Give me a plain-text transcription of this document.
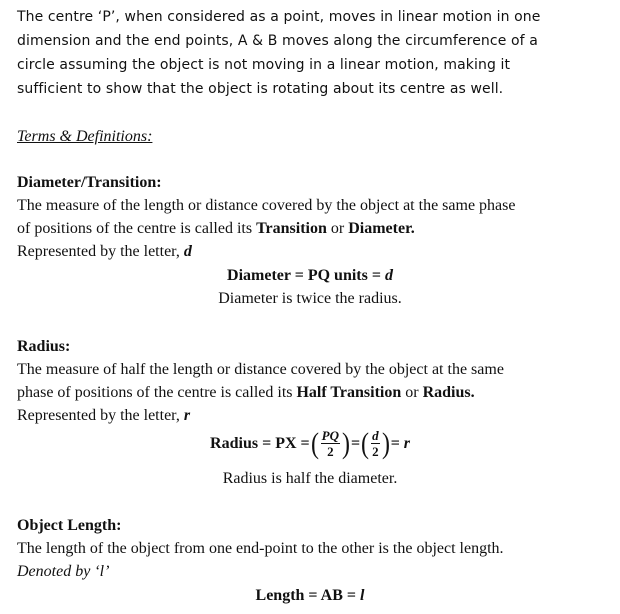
The centre ‘P’, when considered as a point, moves in linear motion in one
dimension and the end points, A & B moves along the circumference of a
circle assuming the object is not moving in a linear motion, making it
sufficient to show that the object is rotating about its centre as well.
Terms & Definitions:
Diameter/Transition:
The measure of the length or distance covered by the object at the same phase
of positions of the centre is called its Transition or Diameter.
Represented by the letter, d
Diameter = PQ units = d
Diameter is twice the radius.
Radius:
The measure of half the length or distance covered by the object at the same
phase of positions of the centre is called its Half Transition or Radius.
Represented by the letter, r
Radius = PX = ( $\frac{PQ}{2}$ ) = ( $\frac{d}{2}$ ) = r
Radius is half the diameter.
Object Length:
The length of the object from one end-point to the other is the object length.
Denoted by ‘l’
Length = AB = l
